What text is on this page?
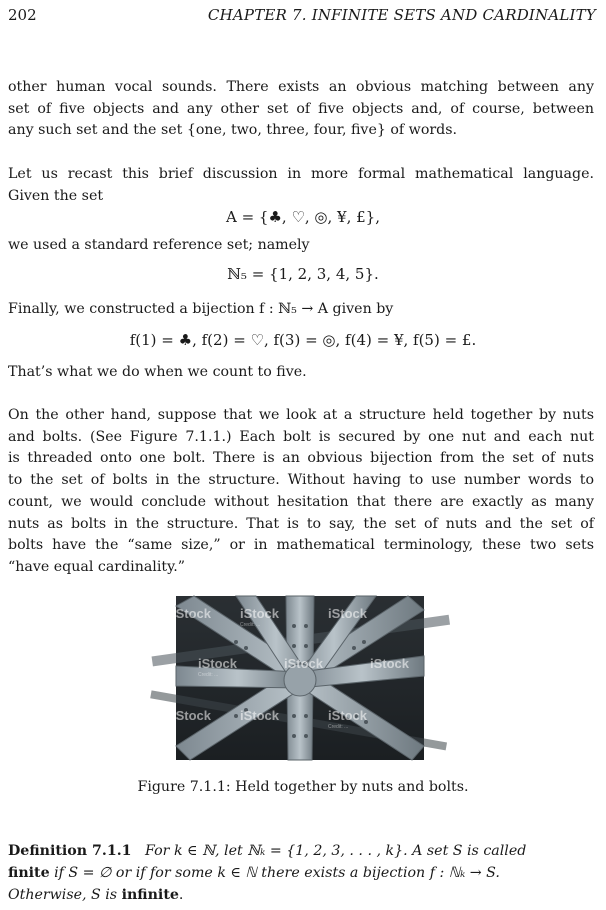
202	CHAPTER 7. INFINITE SETS AND CARDINALITY
other human vocal sounds. There exists an obvious matching between any
set of five objects and any other set of five objects and, of course, between
any such set and the set {one, two, three, four, five} of words.
Let us recast this brief discussion in more formal mathematical language.
Given the set
A = {♣, ♡, ◎, ¥, £},
we used a standard reference set; namely
ℕ₅ = {1, 2, 3, 4, 5}.
Finally, we constructed a bijection f : ℕ₅ → A given by
f(1) = ♣, f(2) = ♡, f(3) = ◎, f(4) = ¥, f(5) = £.
That’s what we do when we count to five.
On the other hand, suppose that we look at a structure held together by nuts
and bolts. (See Figure 7.1.1.) Each bolt is secured by one nut and each nut
is threaded onto one bolt. There is an obvious bijection from the set of nuts
to the set of bolts in the structure. Without having to use number words to
count, we would conclude without hesitation that there are exactly as many
nuts as bolts in the structure. That is to say, the set of nuts and the set of
bolts have the “same size,” or in mathematical terminology, these two sets
“have equal cardinality.”
iStock iStock	iStock
iStock	iStock	iStock
iStock iStock	iStock
Credit: ...
Credit: ...
Credit: ...
Figure 7.1.1: Held together by nuts and bolts.
Definition 7.1.1 For k ∈ ℕ, let ℕₖ = {1, 2, 3, . . . , k}. A set S is called
finite if S = ∅ or if for some k ∈ ℕ there exists a bijection f : ℕₖ → S.
Otherwise, S is infinite.
